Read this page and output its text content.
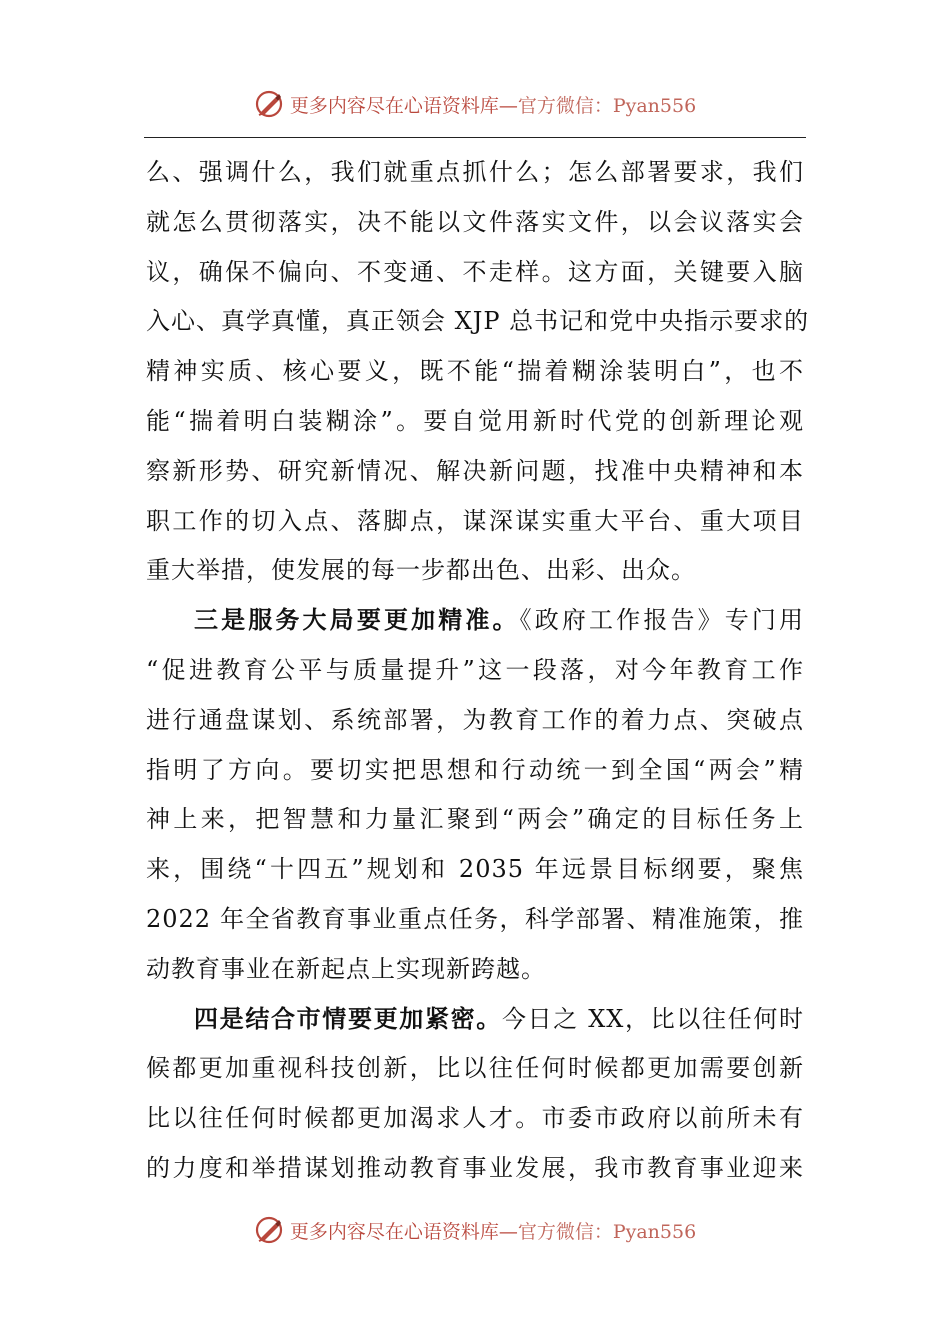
更多内容尽在心语资料库—官方微信：Pyan556
么、强调什么，我们就重点抓什么；怎么部署要求，我们
就怎么贯彻落实，决不能以文件落实文件，以会议落实会
议，确保不偏向、不变通、不走样。这方面，关键要入脑
入心、真学真懂，真正领会 XJP 总书记和党中央指示要求的
精神实质、核心要义，既不能“揣着糊涂装明白”，也不
能“揣着明白装糊涂”。要自觉用新时代党的创新理论观
察新形势、研究新情况、解决新问题，找准中央精神和本
职工作的切入点、落脚点，谋深谋实重大平台、重大项目
重大举措，使发展的每一步都出色、出彩、出众。
三是服务大局要更加精准。《政府工作报告》专门用
“促进教育公平与质量提升”这一段落，对今年教育工作
进行通盘谋划、系统部署，为教育工作的着力点、突破点
指明了方向。要切实把思想和行动统一到全国“两会”精
神上来，把智慧和力量汇聚到“两会”确定的目标任务上
来，围绕“十四五”规划和 2035 年远景目标纲要，聚焦
2022 年全省教育事业重点任务，科学部署、精准施策，推
动教育事业在新起点上实现新跨越。
四是结合市情要更加紧密。今日之 XX，比以往任何时
候都更加重视科技创新，比以往任何时候都更加需要创新
比以往任何时候都更加渴求人才。市委市政府以前所未有
的力度和举措谋划推动教育事业发展，我市教育事业迎来
更多内容尽在心语资料库—官方微信：Pyan556
